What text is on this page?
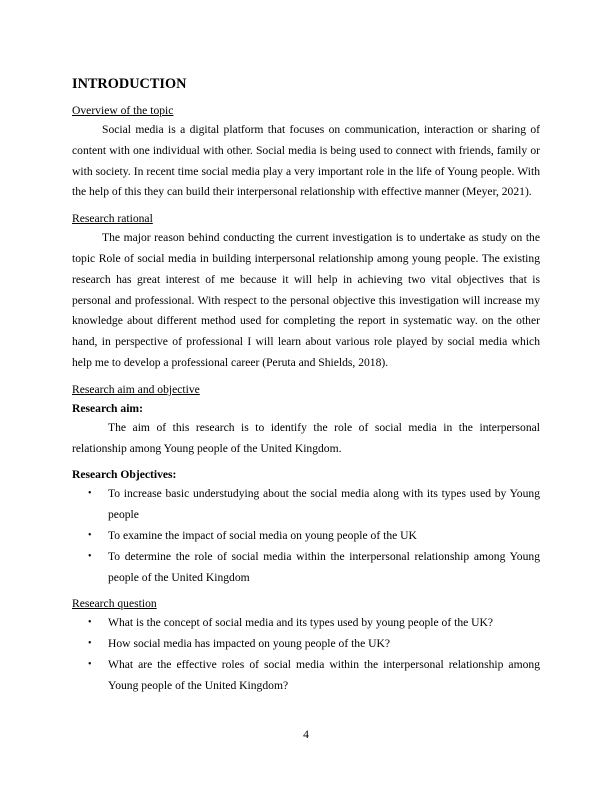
INTRODUCTION
Overview of the topic

Social media is a digital platform that focuses on communication, interaction or sharing of content with one individual with other. Social media is being used to connect with friends, family or with society. In recent time social media play a very important role in the life of Young people. With the help of this they can build their interpersonal relationship with effective manner (Meyer, 2021).

Research rational

The major reason behind conducting the current investigation is to undertake as study on the topic Role of social media in building interpersonal relationship among young people. The existing research has great interest of me because it will help in achieving two vital objectives that is personal and professional. With respect to the personal objective this investigation will increase my knowledge about different method used for completing the report in systematic way. on the other hand, in perspective of professional I will learn about various role played by social media which help me to develop a professional career (Peruta and Shields, 2018).

Research aim and objective
Research aim:

The aim of this research is to identify the role of social media in the interpersonal relationship among Young people of the United Kingdom.

Research Objectives:
• To increase basic understudying about the social media along with its types used by Young people
• To examine the impact of social media on young people of the UK
• To determine the role of social media within the interpersonal relationship among Young people of the United Kingdom
Research question
• What is the concept of social media and its types used by young people of the UK?
• How social media has impacted on young people of the UK?
• What are the effective roles of social media within the interpersonal relationship among Young people of the United Kingdom?
4
